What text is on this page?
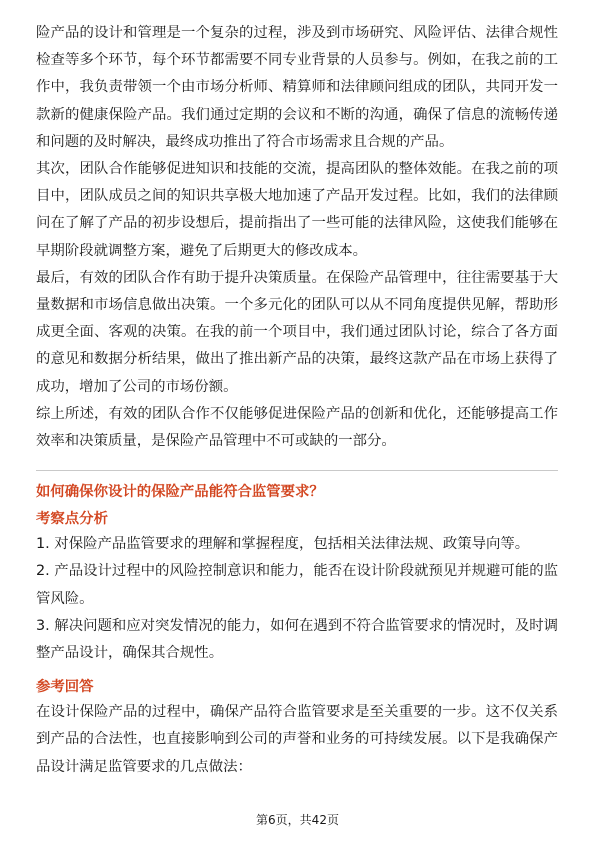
险产品的设计和管理是一个复杂的过程，涉及到市场研究、风险评估、法律合规性检查等多个环节，每个环节都需要不同专业背景的人员参与。例如，在我之前的工作中，我负责带领一个由市场分析师、精算师和法律顾问组成的团队，共同开发一款新的健康保险产品。我们通过定期的会议和不断的沟通，确保了信息的流畅传递和问题的及时解决，最终成功推出了符合市场需求且合规的产品。

其次，团队合作能够促进知识和技能的交流，提高团队的整体效能。在我之前的项目中，团队成员之间的知识共享极大地加速了产品开发过程。比如，我们的法律顾问在了解了产品的初步设想后，提前指出了一些可能的法律风险，这使我们能够在早期阶段就调整方案，避免了后期更大的修改成本。

最后，有效的团队合作有助于提升决策质量。在保险产品管理中，往往需要基于大量数据和市场信息做出决策。一个多元化的团队可以从不同角度提供见解，帮助形成更全面、客观的决策。在我的前一个项目中，我们通过团队讨论，综合了各方面的意见和数据分析结果，做出了推出新产品的决策，最终这款产品在市场上获得了成功，增加了公司的市场份额。

综上所述，有效的团队合作不仅能够促进保险产品的创新和优化，还能够提高工作效率和决策质量，是保险产品管理中不可或缺的一部分。

如何确保你设计的保险产品能符合监管要求？
考察点分析

1. 对保险产品监管要求的理解和掌握程度，包括相关法律法规、政策导向等。

2. 产品设计过程中的风险控制意识和能力，能否在设计阶段就预见并规避可能的监管风险。

3. 解决问题和应对突发情况的能力，如何在遇到不符合监管要求的情况时，及时调整产品设计，确保其合规性。

参考回答

在设计保险产品的过程中，确保产品符合监管要求是至关重要的一步。这不仅关系到产品的合法性，也直接影响到公司的声誉和业务的可持续发展。以下是我确保产品设计满足监管要求的几点做法：

第6页，共42页
